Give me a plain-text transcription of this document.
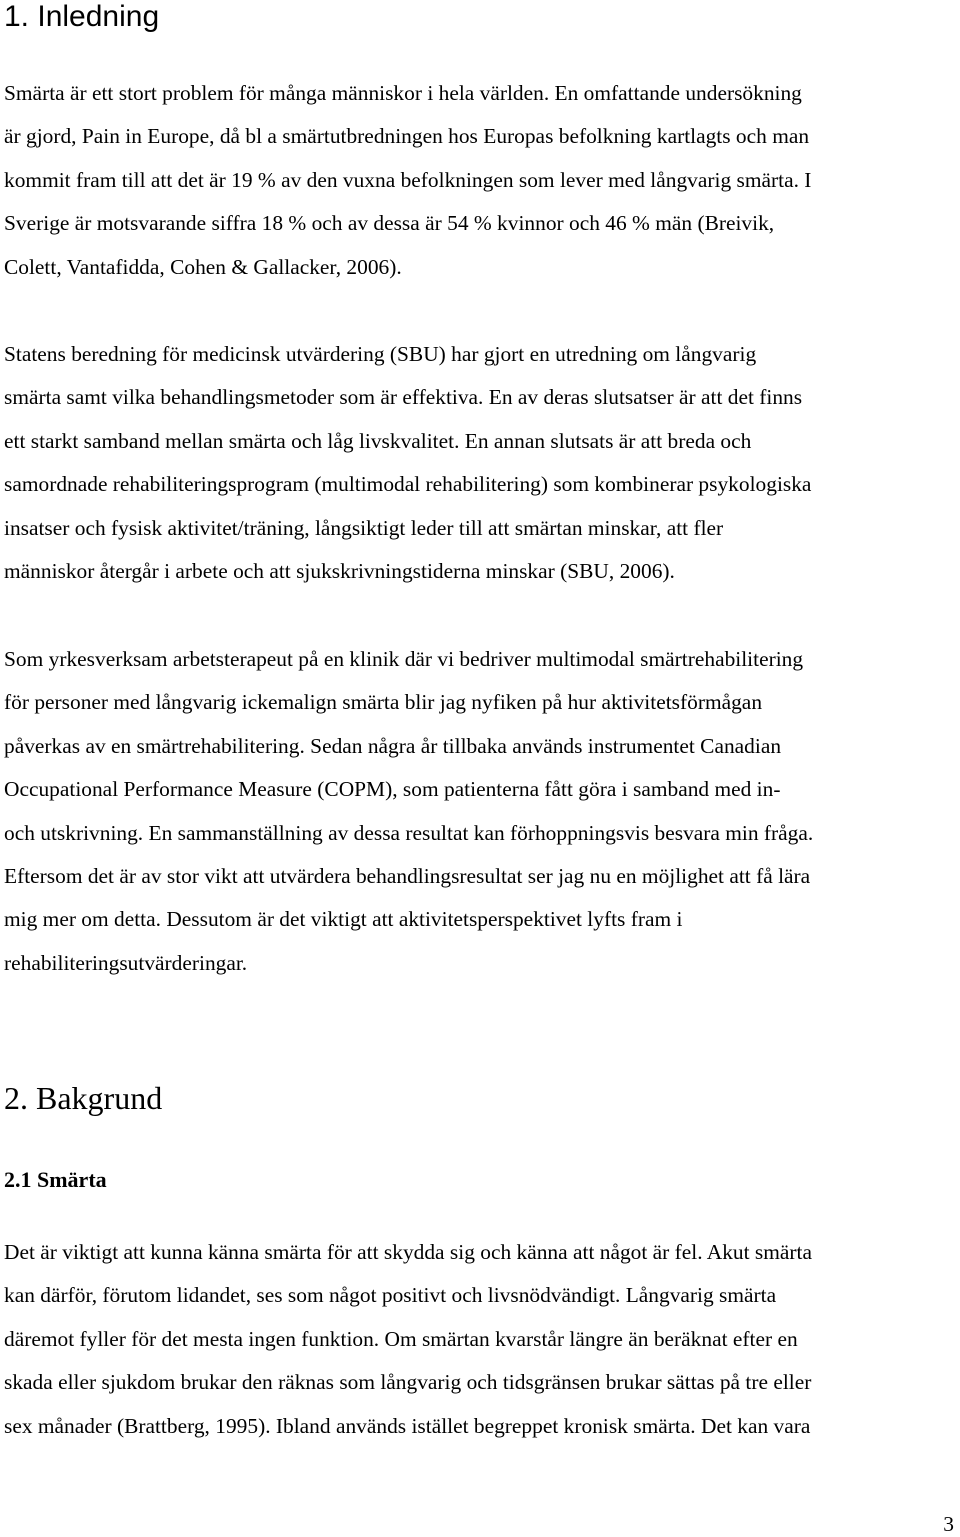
1. Inledning
Smärta är ett stort problem för många människor i hela världen. En omfattande undersökning
är gjord, Pain in Europe, då bl a smärtutbredningen hos Europas befolkning kartlagts och man
kommit fram till att det är 19 % av den vuxna befolkningen som lever med långvarig smärta. I
Sverige är motsvarande siffra 18 % och av dessa är 54 % kvinnor och 46 % män (Breivik,
Colett, Vantafidda, Cohen & Gallacker, 2006).
Statens beredning för medicinsk utvärdering (SBU) har gjort en utredning om långvarig
smärta samt vilka behandlingsmetoder som är effektiva. En av deras slutsatser är att det finns
ett starkt samband mellan smärta och låg livskvalitet. En annan slutsats är att breda och
samordnade rehabiliteringsprogram (multimodal rehabilitering) som kombinerar psykologiska
insatser och fysisk aktivitet/träning, långsiktigt leder till att smärtan minskar, att fler
människor återgår i arbete och att sjukskrivningstiderna minskar (SBU, 2006).
Som yrkesverksam arbetsterapeut på en klinik där vi bedriver multimodal smärtrehabilitering
för personer med långvarig ickemalign smärta blir jag nyfiken på hur aktivitetsförmågan
påverkas av en smärtrehabilitering. Sedan några år tillbaka används instrumentet Canadian
Occupational Performance Measure (COPM), som patienterna fått göra i samband med in-
och utskrivning. En sammanställning av dessa resultat kan förhoppningsvis besvara min fråga.
Eftersom det är av stor vikt att utvärdera behandlingsresultat ser jag nu en möjlighet att få lära
mig mer om detta. Dessutom är det viktigt att aktivitetsperspektivet lyfts fram i
rehabiliteringsutvärderingar.
2. Bakgrund
2.1 Smärta
Det är viktigt att kunna känna smärta för att skydda sig och känna att något är fel. Akut smärta
kan därför, förutom lidandet, ses som något positivt och livsnödvändigt. Långvarig smärta
däremot fyller för det mesta ingen funktion. Om smärtan kvarstår längre än beräknat efter en
skada eller sjukdom brukar den räknas som långvarig och tidsgränsen brukar sättas på tre eller
sex månader (Brattberg, 1995). Ibland används istället begreppet kronisk smärta. Det kan vara
3
